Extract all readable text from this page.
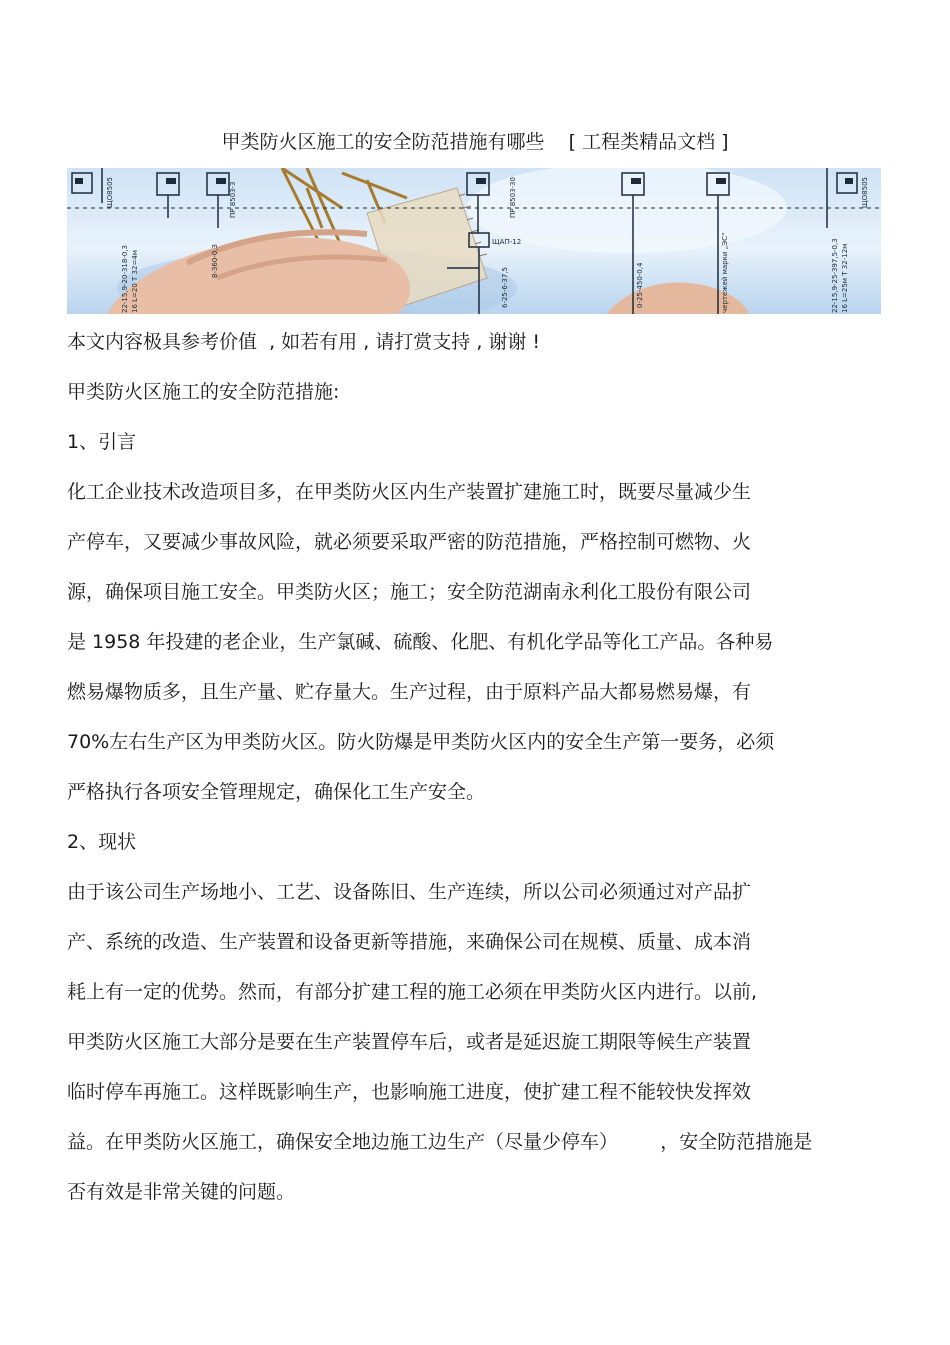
甲类防火区施工的安全防范措施有哪些    [ 工程类精品文档 ]
ЩО8505	ПР 8503-3
ЩАП-12
ПР 8503-30	ЩО8505
8-360-0,3
6-25-6-37,5	0-25-450-0,4
22-15,9-20-318-0,3 16 L=20 T 32=4м	22-15,9-25-397,5-0,3 16 L=25м T 32-12м
чертежей марки „ЭС“
本文内容极具参考价值  , 如若有用 , 请打赏支持 , 谢谢 !
甲类防火区施工的安全防范措施:
1、引言
化工企业技术改造项目多，在甲类防火区内生产装置扩建施工时，既要尽量减少生
产停车，又要减少事故风险，就必须要采取严密的防范措施，严格控制可燃物、火
源，确保项目施工安全。甲类防火区；施工；安全防范湖南永利化工股份有限公司
是 1958 年投建的老企业，生产氯碱、硫酸、化肥、有机化学品等化工产品。各种易
燃易爆物质多，且生产量、贮存量大。生产过程，由于原料产品大都易燃易爆，有
70%左右生产区为甲类防火区。防火防爆是甲类防火区内的安全生产第一要务，必须
严格执行各项安全管理规定，确保化工生产安全。
2、现状
由于该公司生产场地小、工艺、设备陈旧、生产连续，所以公司必须通过对产品扩
产、系统的改造、生产装置和设备更新等措施，来确保公司在规模、质量、成本消
耗上有一定的优势。然而，有部分扩建工程的施工必须在甲类防火区内进行。以前,
甲类防火区施工大部分是要在生产装置停车后，或者是延迟旋工期限等候生产装置
临时停车再施工。这样既影响生产，也影响施工进度，使扩建工程不能较快发挥效
益。在甲类防火区施工，确保安全地边施工边生产（尽量少停车）       ，安全防范措施是
否有效是非常关键的问题。
